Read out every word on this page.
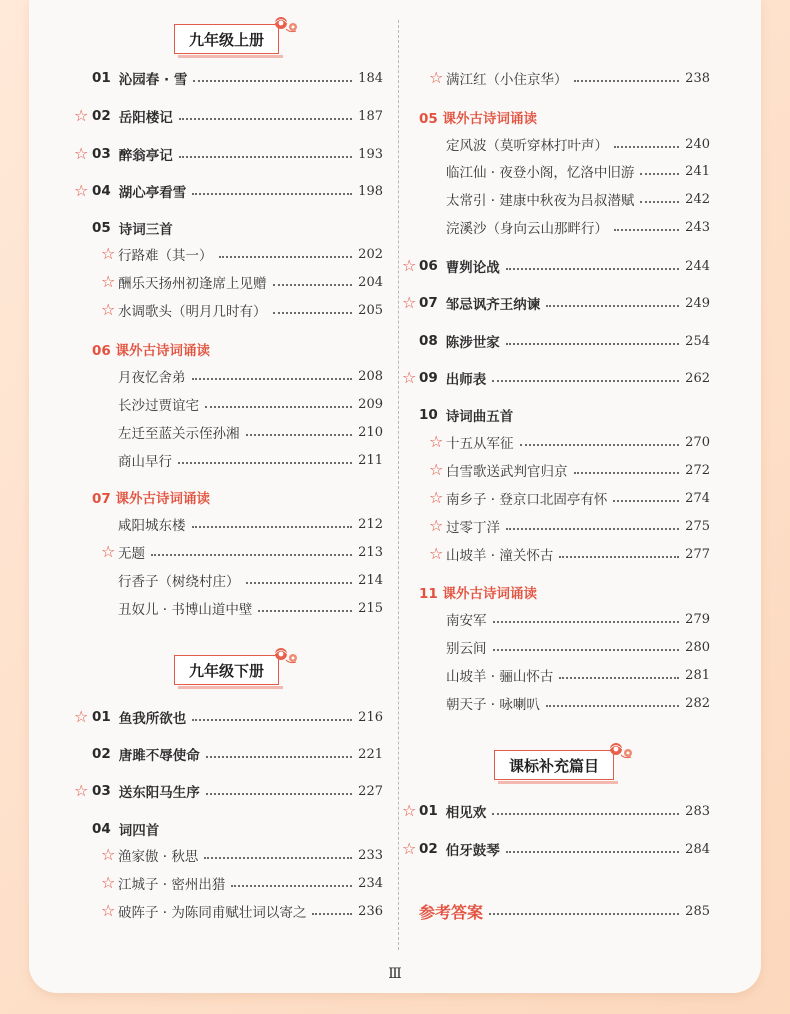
九年级上册
01 沁园春 · 雪	184
02 岳阳楼记	187
☆
03 醉翁亭记	193
☆
04 湖心亭看雪	198
☆
05 诗词三首
行路难（其一）	202
☆
酬乐天扬州初逢席上见赠	204
☆
水调歌头（明月几时有）	205
☆
06 课外古诗词诵读
月夜忆舍弟	208
长沙过贾谊宅	209
左迁至蓝关示侄孙湘	210
商山早行	211
07 课外古诗词诵读
咸阳城东楼	212
无题	213
☆
行香子（树绕村庄）	214
丑奴儿 · 书博山道中壁	215
九年级下册
01 鱼我所欲也	216
☆
02 唐雎不辱使命	221
03 送东阳马生序	227
☆
04 词四首
渔家傲 · 秋思	233
☆
江城子 · 密州出猎	234
☆
破阵子 · 为陈同甫赋壮词以寄之	236
☆
满江红（小住京华）	238
☆
05 课外古诗词诵读
定风波（莫听穿林打叶声）	240
临江仙 · 夜登小阁，忆洛中旧游	241
太常引 · 建康中秋夜为吕叔潜赋	242
浣溪沙（身向云山那畔行）	243
06 曹刿论战	244
☆
07 邹忌讽齐王纳谏	249
☆
08 陈涉世家	254
09 出师表	262
☆
10 诗词曲五首
十五从军征	270
☆
白雪歌送武判官归京	272
☆
南乡子 · 登京口北固亭有怀	274
☆
过零丁洋	275
☆
山坡羊 · 潼关怀古	277
☆
11 课外古诗词诵读
南安军	279
别云间	280
山坡羊 · 骊山怀古	281
朝天子 · 咏喇叭	282
课标补充篇目
01 相见欢	283
☆
02 伯牙鼓琴	284
☆
参考答案	285
Ⅲ
